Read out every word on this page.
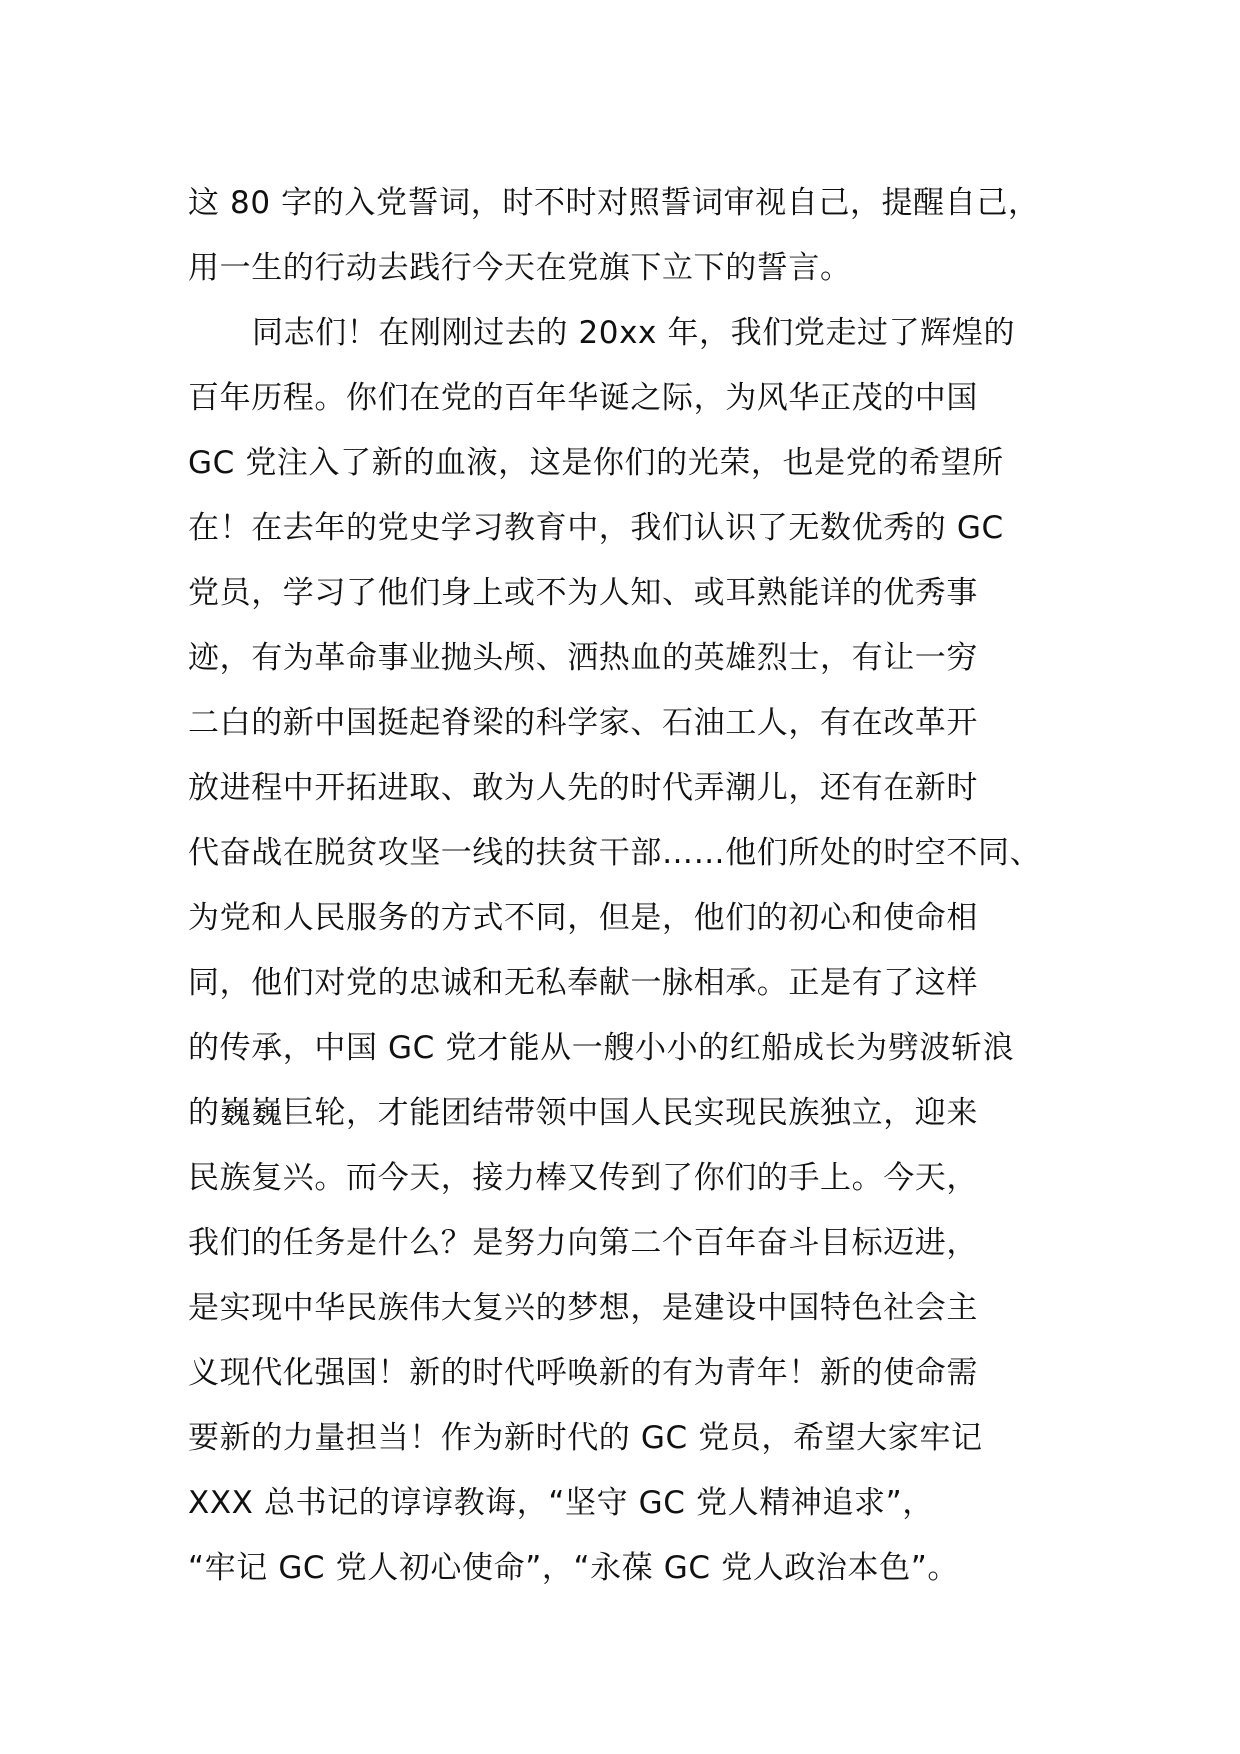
这 80 字的入党誓词，时不时对照誓词审视自己，提醒自己，
用一生的行动去践行今天在党旗下立下的誓言。
同志们！在刚刚过去的 20xx 年，我们党走过了辉煌的
百年历程。你们在党的百年华诞之际，为风华正茂的中国
GC 党注入了新的血液，这是你们的光荣，也是党的希望所
在！在去年的党史学习教育中，我们认识了无数优秀的 GC
党员，学习了他们身上或不为人知、或耳熟能详的优秀事
迹，有为革命事业抛头颅、洒热血的英雄烈士，有让一穷
二白的新中国挺起脊梁的科学家、石油工人，有在改革开
放进程中开拓进取、敢为人先的时代弄潮儿，还有在新时
代奋战在脱贫攻坚一线的扶贫干部……他们所处的时空不同、
为党和人民服务的方式不同，但是，他们的初心和使命相
同，他们对党的忠诚和无私奉献一脉相承。正是有了这样
的传承，中国 GC 党才能从一艘小小的红船成长为劈波斩浪
的巍巍巨轮，才能团结带领中国人民实现民族独立，迎来
民族复兴。而今天，接力棒又传到了你们的手上。今天，
我们的任务是什么？是努力向第二个百年奋斗目标迈进，
是实现中华民族伟大复兴的梦想，是建设中国特色社会主
义现代化强国！新的时代呼唤新的有为青年！新的使命需
要新的力量担当！作为新时代的 GC 党员，希望大家牢记
XXX 总书记的谆谆教诲，“坚守 GC 党人精神追求”，
“牢记 GC 党人初心使命”，“永葆 GC 党人政治本色”。
